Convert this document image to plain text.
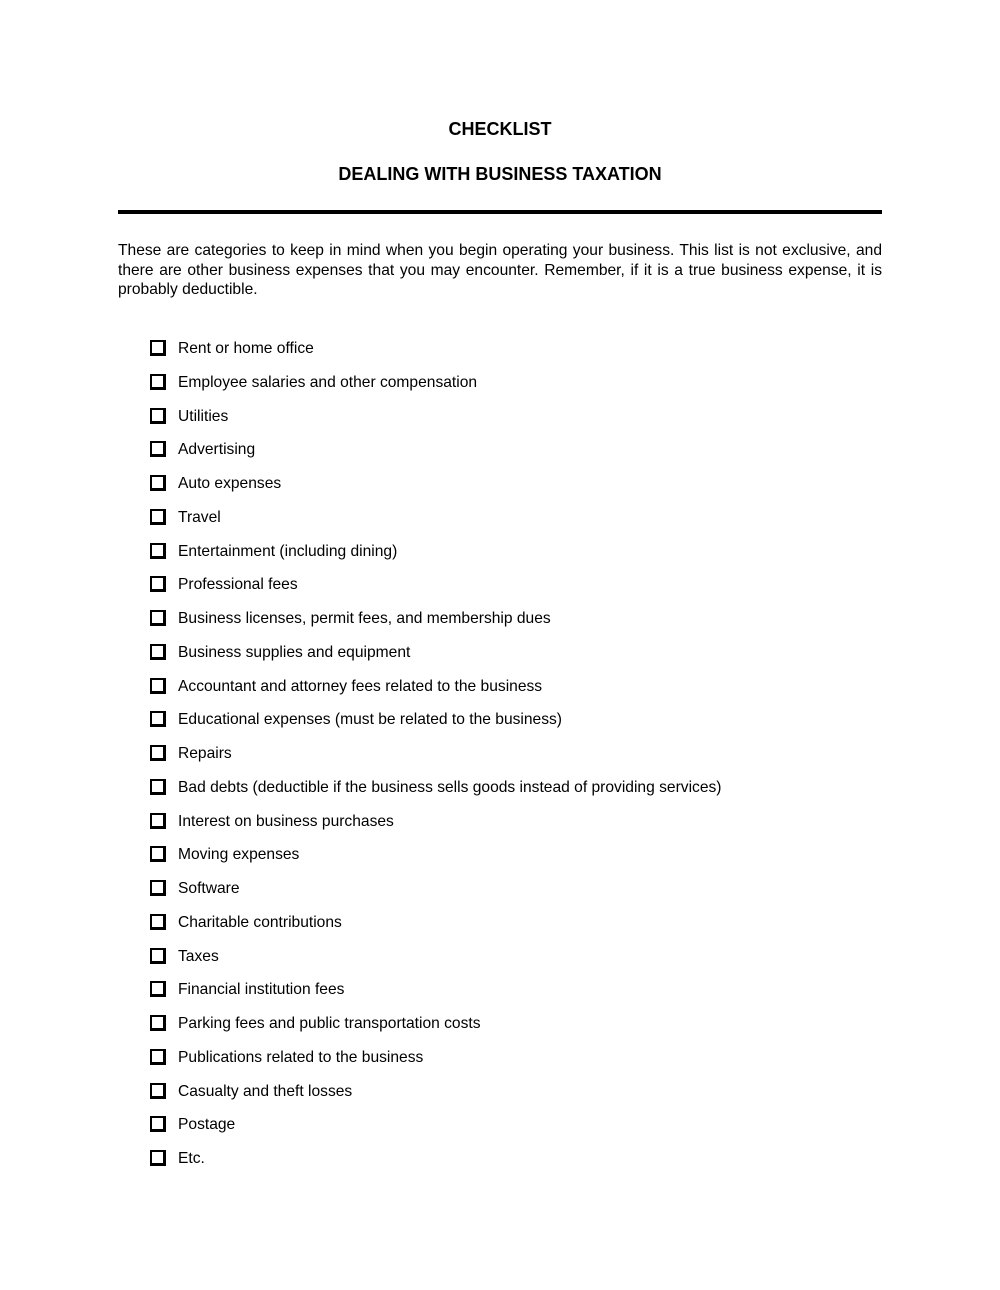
CHECKLIST
DEALING WITH BUSINESS TAXATION
These are categories to keep in mind when you begin operating your business. This list is not exclusive, and there are other business expenses that you may encounter. Remember, if it is a true business expense, it is probably deductible.
Rent or home office
Employee salaries and other compensation
Utilities
Advertising
Auto expenses
Travel
Entertainment (including dining)
Professional fees
Business licenses, permit fees, and membership dues
Business supplies and equipment
Accountant and attorney fees related to the business
Educational expenses (must be related to the business)
Repairs
Bad debts (deductible if the business sells goods instead of providing services)
Interest on business purchases
Moving expenses
Software
Charitable contributions
Taxes
Financial institution fees
Parking fees and public transportation costs
Publications related to the business
Casualty and theft losses
Postage
Etc.
